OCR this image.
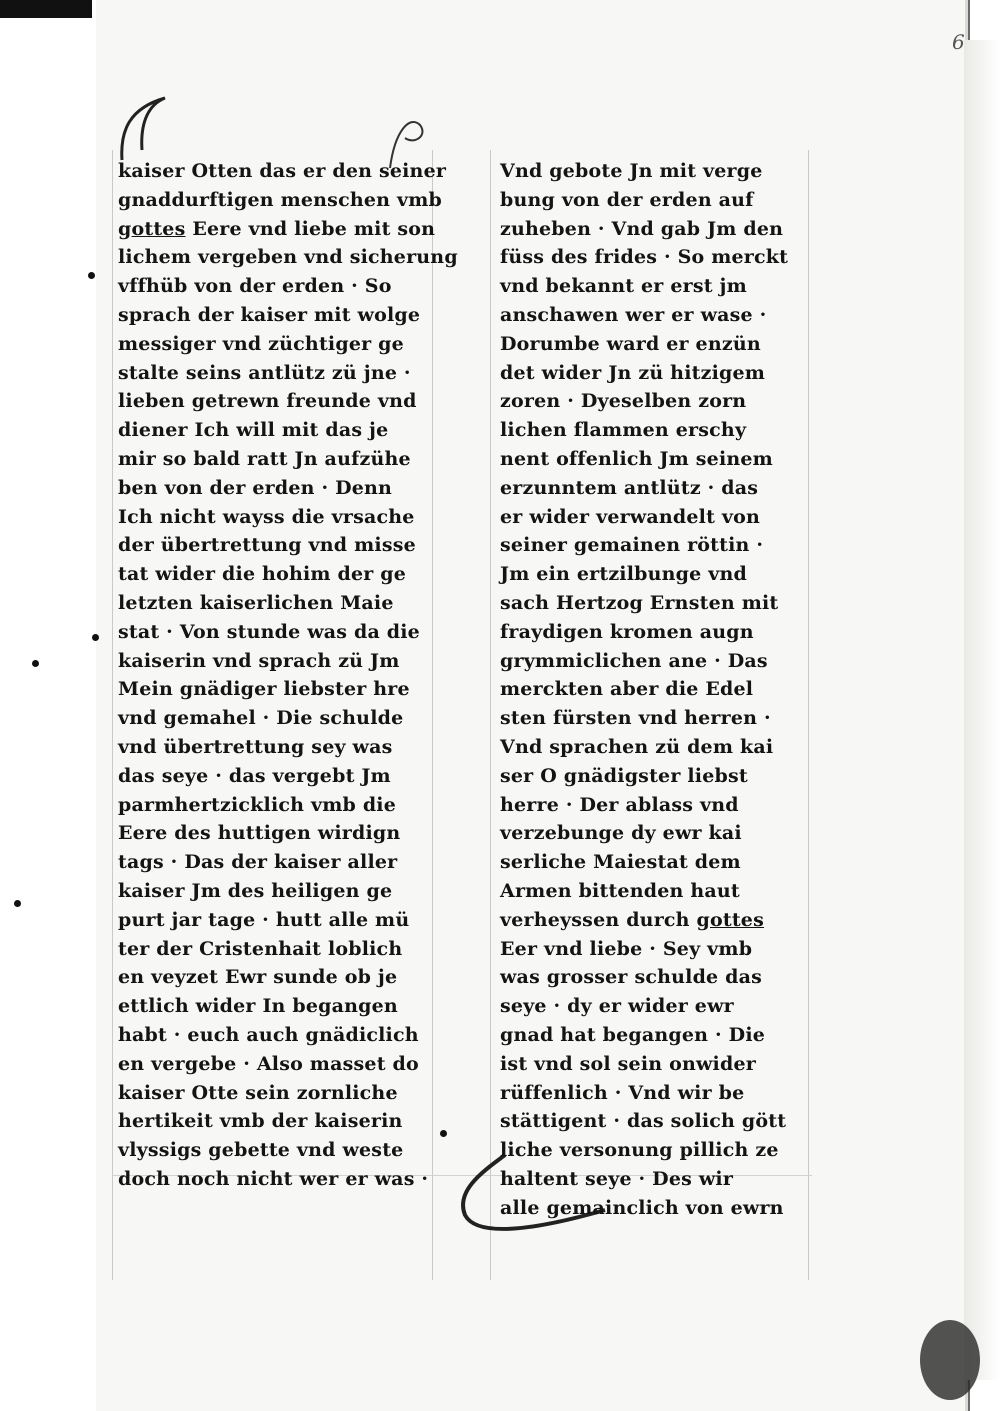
6
kaiser Otten das er den seiner
gnaddurftigen menschen vmb
gottes Eere vnd liebe mit son
lichem vergeben vnd sicherung
vffhüb von der erden · So
sprach der kaiser mit wolge
messiger vnd züchtiger ge
stalte seins antlütz zü jne ·
lieben getrewn freunde vnd
diener Ich will mit das je
mir so bald ratt Jn aufzühe
ben von der erden · Denn
Ich nicht wayss die vrsache
der übertrettung vnd misse
tat wider die hohim der ge
letzten kaiserlichen Maie
stat · Von stunde was da die
kaiserin vnd sprach zü Jm
Mein gnädiger liebster hre
vnd gemahel · Die schulde
vnd übertrettung sey was
das seye · das vergebt Jm
parmhertzicklich vmb die
Eere des huttigen wirdign
tags · Das der kaiser aller
kaiser Jm des heiligen ge
purt jar tage · hutt alle mü
ter der Cristenhait loblich
en veyzet Ewr sunde ob je
ettlich wider In begangen
habt · euch auch gnädiclich
en vergebe · Also masset do
kaiser Otte sein zornliche
hertikeit vmb der kaiserin
vlyssigs gebette vnd weste
doch noch nicht wer er was ·
Vnd gebote Jn mit verge
bung von der erden auf
zuheben · Vnd gab Jm den
füss des frides · So merckt
vnd bekannt er erst jm
anschawen wer er wase ·
Dorumbe ward er enzün
det wider Jn zü hitzigem
zoren · Dyeselben zorn
lichen flammen erschy
nent offenlich Jm seinem
erzunntem antlütz · das
er wider verwandelt von
seiner gemainen röttin ·
Jm ein ertzilbunge vnd
sach Hertzog Ernsten mit
fraydigen kromen augn
grymmiclichen ane · Das
merckten aber die Edel
sten fürsten vnd herren ·
Vnd sprachen zü dem kai
ser O gnädigster liebst
herre · Der ablass vnd
verzebunge dy ewr kai
serliche Maiestat dem
Armen bittenden haut
verheyssen durch gottes
Eer vnd liebe · Sey vmb
was grosser schulde das
seye · dy er wider ewr
gnad hat begangen · Die
ist vnd sol sein onwider
rüffenlich · Vnd wir be
stättigent · das solich gött
liche versonung pillich ze
haltent seye · Des wir
alle gemainclich von ewrn
